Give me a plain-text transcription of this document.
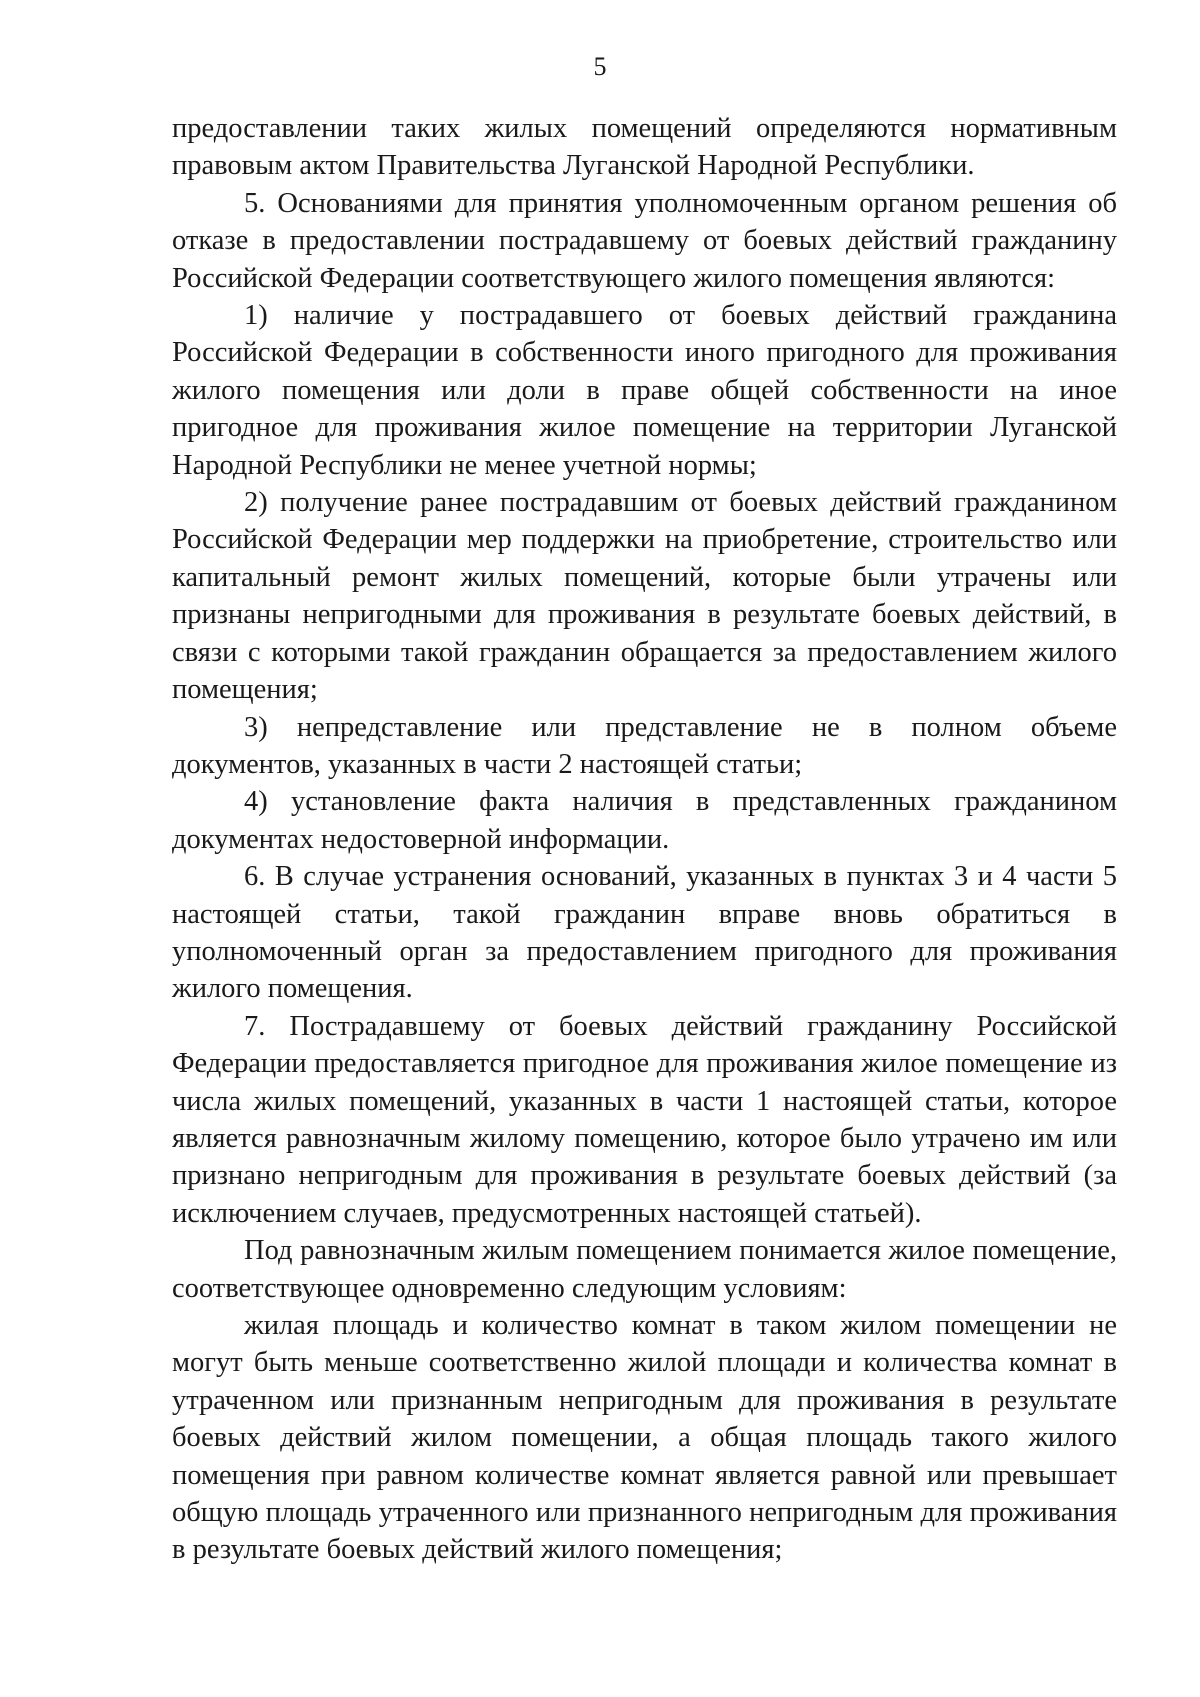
5

предоставлении таких жилых помещений определяются нормативным правовым актом Правительства Луганской Народной Республики.

5. Основаниями для принятия уполномоченным органом решения об отказе в предоставлении пострадавшему от боевых действий гражданину Российской Федерации соответствующего жилого помещения являются:

1) наличие у пострадавшего от боевых действий гражданина Российской Федерации в собственности иного пригодного для проживания жилого помещения или доли в праве общей собственности на иное пригодное для проживания жилое помещение на территории Луганской Народной Республики не менее учетной нормы;

2) получение ранее пострадавшим от боевых действий гражданином Российской Федерации мер поддержки на приобретение, строительство или капитальный ремонт жилых помещений, которые были утрачены или признаны непригодными для проживания в результате боевых действий, в связи с которыми такой гражданин обращается за предоставлением жилого помещения;

3) непредставление или представление не в полном объеме документов, указанных в части 2 настоящей статьи;

4) установление факта наличия в представленных гражданином документах недостоверной информации.

6. В случае устранения оснований, указанных в пунктах 3 и 4 части 5 настоящей статьи, такой гражданин вправе вновь обратиться в уполномоченный орган за предоставлением пригодного для проживания жилого помещения.

7. Пострадавшему от боевых действий гражданину Российской Федерации предоставляется пригодное для проживания жилое помещение из числа жилых помещений, указанных в части 1 настоящей статьи, которое является равнозначным жилому помещению, которое было утрачено им или признано непригодным для проживания в результате боевых действий (за исключением случаев, предусмотренных настоящей статьей).

Под равнозначным жилым помещением понимается жилое помещение, соответствующее одновременно следующим условиям:

жилая площадь и количество комнат в таком жилом помещении не могут быть меньше соответственно жилой площади и количества комнат в утраченном или признанным непригодным для проживания в результате боевых действий жилом помещении, а общая площадь такого жилого помещения при равном количестве комнат является равной или превышает общую площадь утраченного или признанного непригодным для проживания в результате боевых действий жилого помещения;
